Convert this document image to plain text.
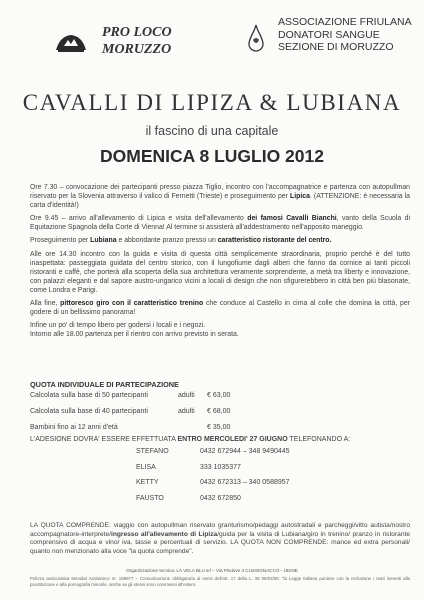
PRO LOCO
MORUZZO
ASSOCIAZIONE FRIULANA
DONATORI SANGUE
SEZIONE DI MORUZZO
CAVALLI DI LIPIZA & LUBIANA
il fascino di una capitale
DOMENICA 8 LUGLIO 2012

Ore 7.30 – convocazione dei partecipanti presso piazza Tiglio, incontro con l'accompagnatrice e partenza con autopullman riservato per la Slovenia attraverso il valico di Fernetti (Trieste) e proseguimento per Lipica. (ATTENZIONE: è necessaria la carta d'identità!)

Ore 9.45 – arrivo all'allevamento di Lipica e visita dell'allevamento dei famosi Cavalli Bianchi, vanto della Scuola di Equitazione Spagnola della Corte di Vienna! Al termine si assisterà all'addestramento nell'apposito maneggio.

Proseguimento per Lubiana e abbondante pranzo presso un caratteristico ristorante del centro.

Alle ore 14.30 incontro con la guida e visita di questa città semplicemente straordinaria, proprio perché è del tutto inaspettata: passeggiata guidata del centro storico, con il lungofiume dagli alberi che fanno da cornice ai tanti piccoli ristoranti e caffè, che porterà alla scoperta della sua architettura veramente sorprendente, a metà tra liberty e innovazione, con palazzi eleganti e dal sapore austro-ungarico vicini a locali di design che non sfigurerebbero in città ben più blasonate, come Londra e Parigi.

Alla fine, pittoresco giro con il caratteristico trenino che conduce al Castello in cima al colle che domina la città, per godere di un bellissimo panorama!

Infine un po' di tempo libero per godersi i locali e i negozi.
Intorno alle 18.00 partenza per il rientro con arrivo previsto in serata.

QUOTA INDIVIDUALE DI PARTECIPAZIONE
Calcolata sulla base di 50 partecipanti	adulti € 63,00
Calcolata sulla base di 40 partecipanti	adulti € 68,00
Bambini fino ai 12 anni d'età	€ 35,00
L'ADESIONE DOVRA' ESSERE EFFETTUATA ENTRO MERCOLEDI' 27 GIUGNO TELEFONANDO A:
STEFANO	0432 672944 – 348 9490445
ELISA	333 1035377
KETTY	0432 672313 – 340 0588957
FAUSTO	0432 672850
LA QUOTA COMPRENDE: viaggio con autopullman riservato granturismo/pedaggi autostradali e parcheggi/vitto autista/nostro accompagnatore-interprete/ingresso all'allevamento di Lipiza/guida per la visita di Lubiana/giro in trenino/ pranzo in ristorante comprensivo di acqua e vino/ iva, tasse e percentuali di servizio. LA QUOTA NON COMPRENDE: mance ed extra personali/ quanto non menzionato alla voce "la quota comprende".
Organizzazione tecnica: LA VELA BLU srl – Via Pisdove 4 CUSSIGNACCO - UDINE
Polizza assicurativa Mondial Assistance nr. 168977 – Comunicazione obbligatoria ai sensi dell'art. 17 della L. 38 06/02/06: "la Legge Italiana punisce con la reclusione i reati inerenti alla prostituzione e alla pornografia minorile, anche se gli stessi sono commessi all'estero.
